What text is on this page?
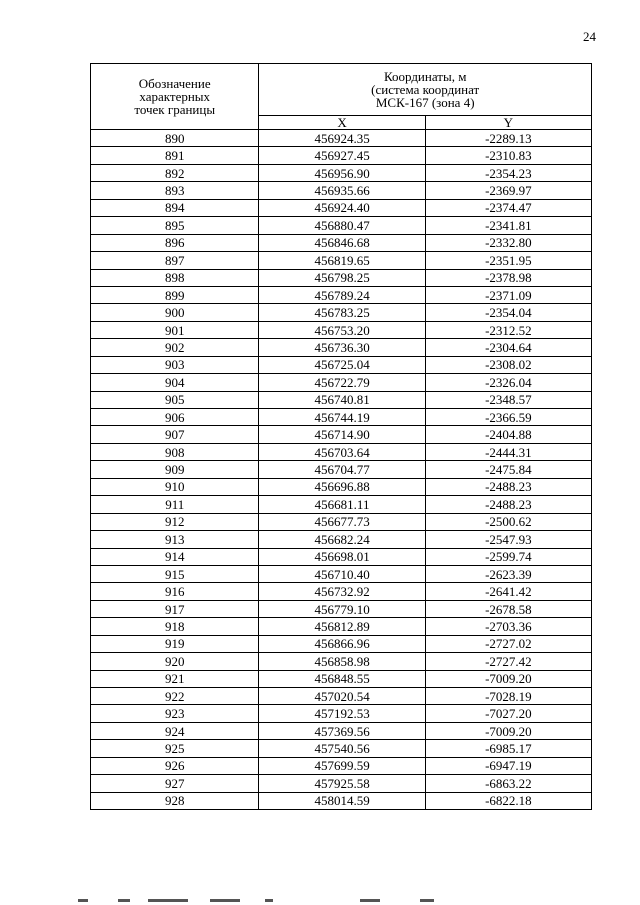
24
Обозначение
характерных
точек границы	Координаты, м
(система координат
МСК-167 (зона 4)	

	X	Y
890	456924.35	-2289.13
891	456927.45	-2310.83
892	456956.90	-2354.23
893	456935.66	-2369.97
894	456924.40	-2374.47
895	456880.47	-2341.81
896	456846.68	-2332.80
897	456819.65	-2351.95
898	456798.25	-2378.98
899	456789.24	-2371.09
900	456783.25	-2354.04
901	456753.20	-2312.52
902	456736.30	-2304.64
903	456725.04	-2308.02
904	456722.79	-2326.04
905	456740.81	-2348.57
906	456744.19	-2366.59
907	456714.90	-2404.88
908	456703.64	-2444.31
909	456704.77	-2475.84
910	456696.88	-2488.23
911	456681.11	-2488.23
912	456677.73	-2500.62
913	456682.24	-2547.93
914	456698.01	-2599.74
915	456710.40	-2623.39
916	456732.92	-2641.42
917	456779.10	-2678.58
918	456812.89	-2703.36
919	456866.96	-2727.02
920	456858.98	-2727.42
921	456848.55	-7009.20
922	457020.54	-7028.19
923	457192.53	-7027.20
924	457369.56	-7009.20
925	457540.56	-6985.17
926	457699.59	-6947.19
927	457925.58	-6863.22
928	458014.59	-6822.18
